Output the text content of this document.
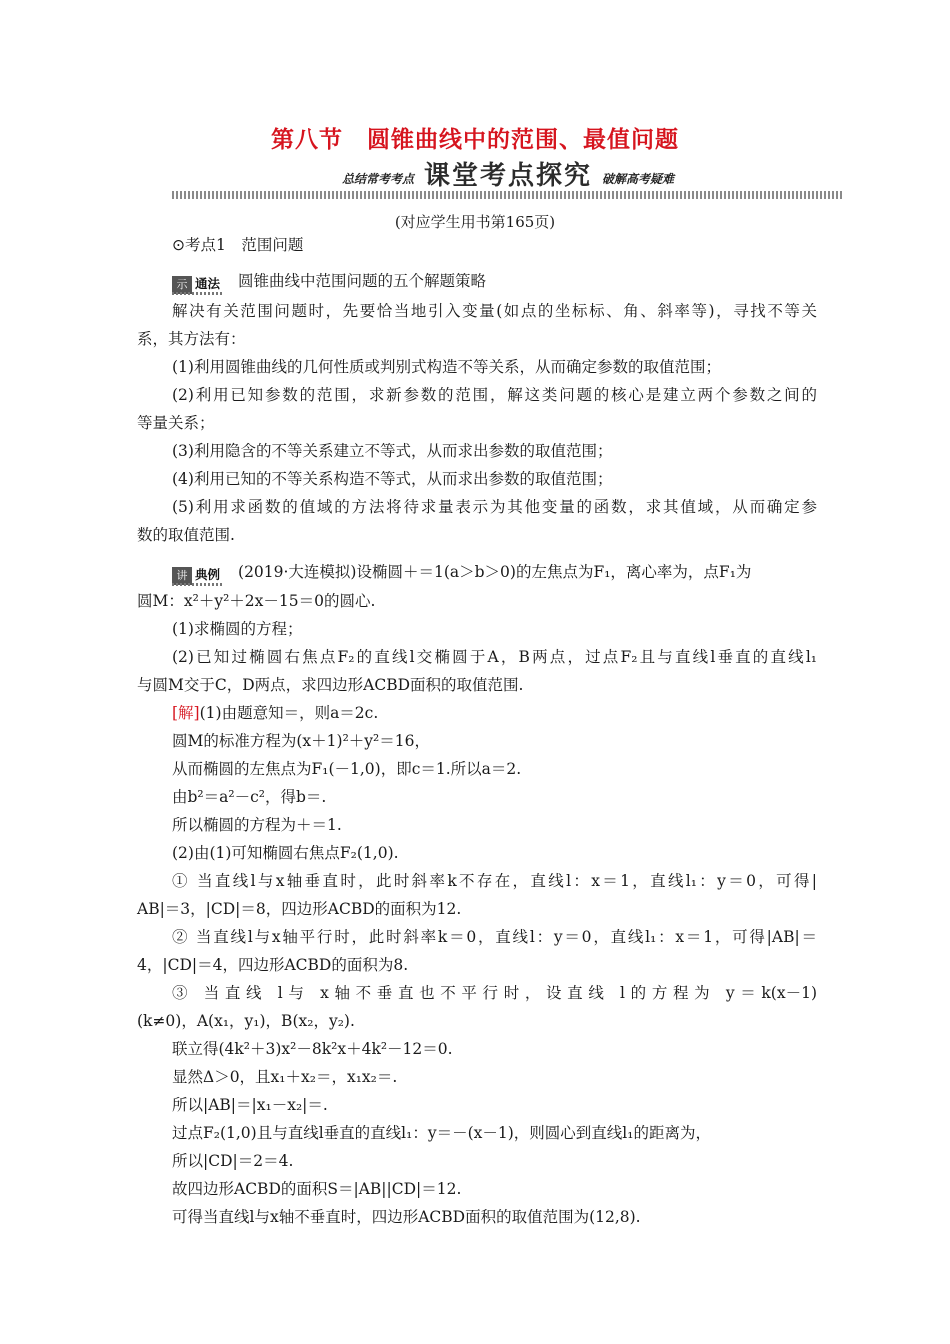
第八节　圆锥曲线中的范围、最值问题
总结常考考点 课堂考点探究 破解高考疑难
(对应学生用书第165页)
⊙考点1　范围问题
示 通法 圆锥曲线中范围问题的五个解题策略
解决有关范围问题时，先要恰当地引入变量(如点的坐标标、角、斜率等)，寻找不等关
系，其方法有：
(1)利用圆锥曲线的几何性质或判别式构造不等关系，从而确定参数的取值范围；
(2)利用已知参数的范围，求新参数的范围，解这类问题的核心是建立两个参数之间的
等量关系；
(3)利用隐含的不等关系建立不等式，从而求出参数的取值范围；
(4)利用已知的不等关系构造不等式，从而求出参数的取值范围；
(5)利用求函数的值域的方法将待求量表示为其他变量的函数，求其值域，从而确定参
数的取值范围.
讲 典例 (2019·大连模拟)设椭圆＋＝1(a＞b＞0)的左焦点为F₁，离心率为，点F₁为
圆M：x²＋y²＋2x－15＝0的圆心.
(1)求椭圆的方程；
(2)已知过椭圆右焦点F₂的直线l交椭圆于A，B两点，过点F₂且与直线l垂直的直线l₁
与圆M交于C，D两点，求四边形ACBD面积的取值范围.
[解](1)由题意知＝，则a＝2c.
圆M的标准方程为(x＋1)²＋y²＝16，
从而椭圆的左焦点为F₁(－1,0)，即c＝1.所以a＝2.
由b²＝a²－c²，得b＝.
所以椭圆的方程为＋＝1.
(2)由(1)可知椭圆右焦点F₂(1,0).
① 当直线l与x轴垂直时，此时斜率k不存在，直线l：x＝1，直线l₁：y＝0，可得|
AB|＝3，|CD|＝8，四边形ACBD的面积为12.
② 当直线l与x轴平行时，此时斜率k＝0，直线l：y＝0，直线l₁：x＝1，可得|AB|＝
4，|CD|＝4，四边形ACBD的面积为8.
③ 当直线 l与 x轴不垂直也不平行时，设直线 l的方程为 y＝k(x－1)
(k≠0)，A(x₁，y₁)，B(x₂，y₂).
联立得(4k²＋3)x²－8k²x＋4k²－12＝0.
显然Δ＞0，且x₁＋x₂＝，x₁x₂＝.
所以|AB|＝|x₁－x₂|＝.
过点F₂(1,0)且与直线l垂直的直线l₁：y＝－(x－1)，则圆心到直线l₁的距离为，
所以|CD|＝2＝4.
故四边形ACBD的面积S＝|AB||CD|＝12.
可得当直线l与x轴不垂直时，四边形ACBD面积的取值范围为(12,8).
